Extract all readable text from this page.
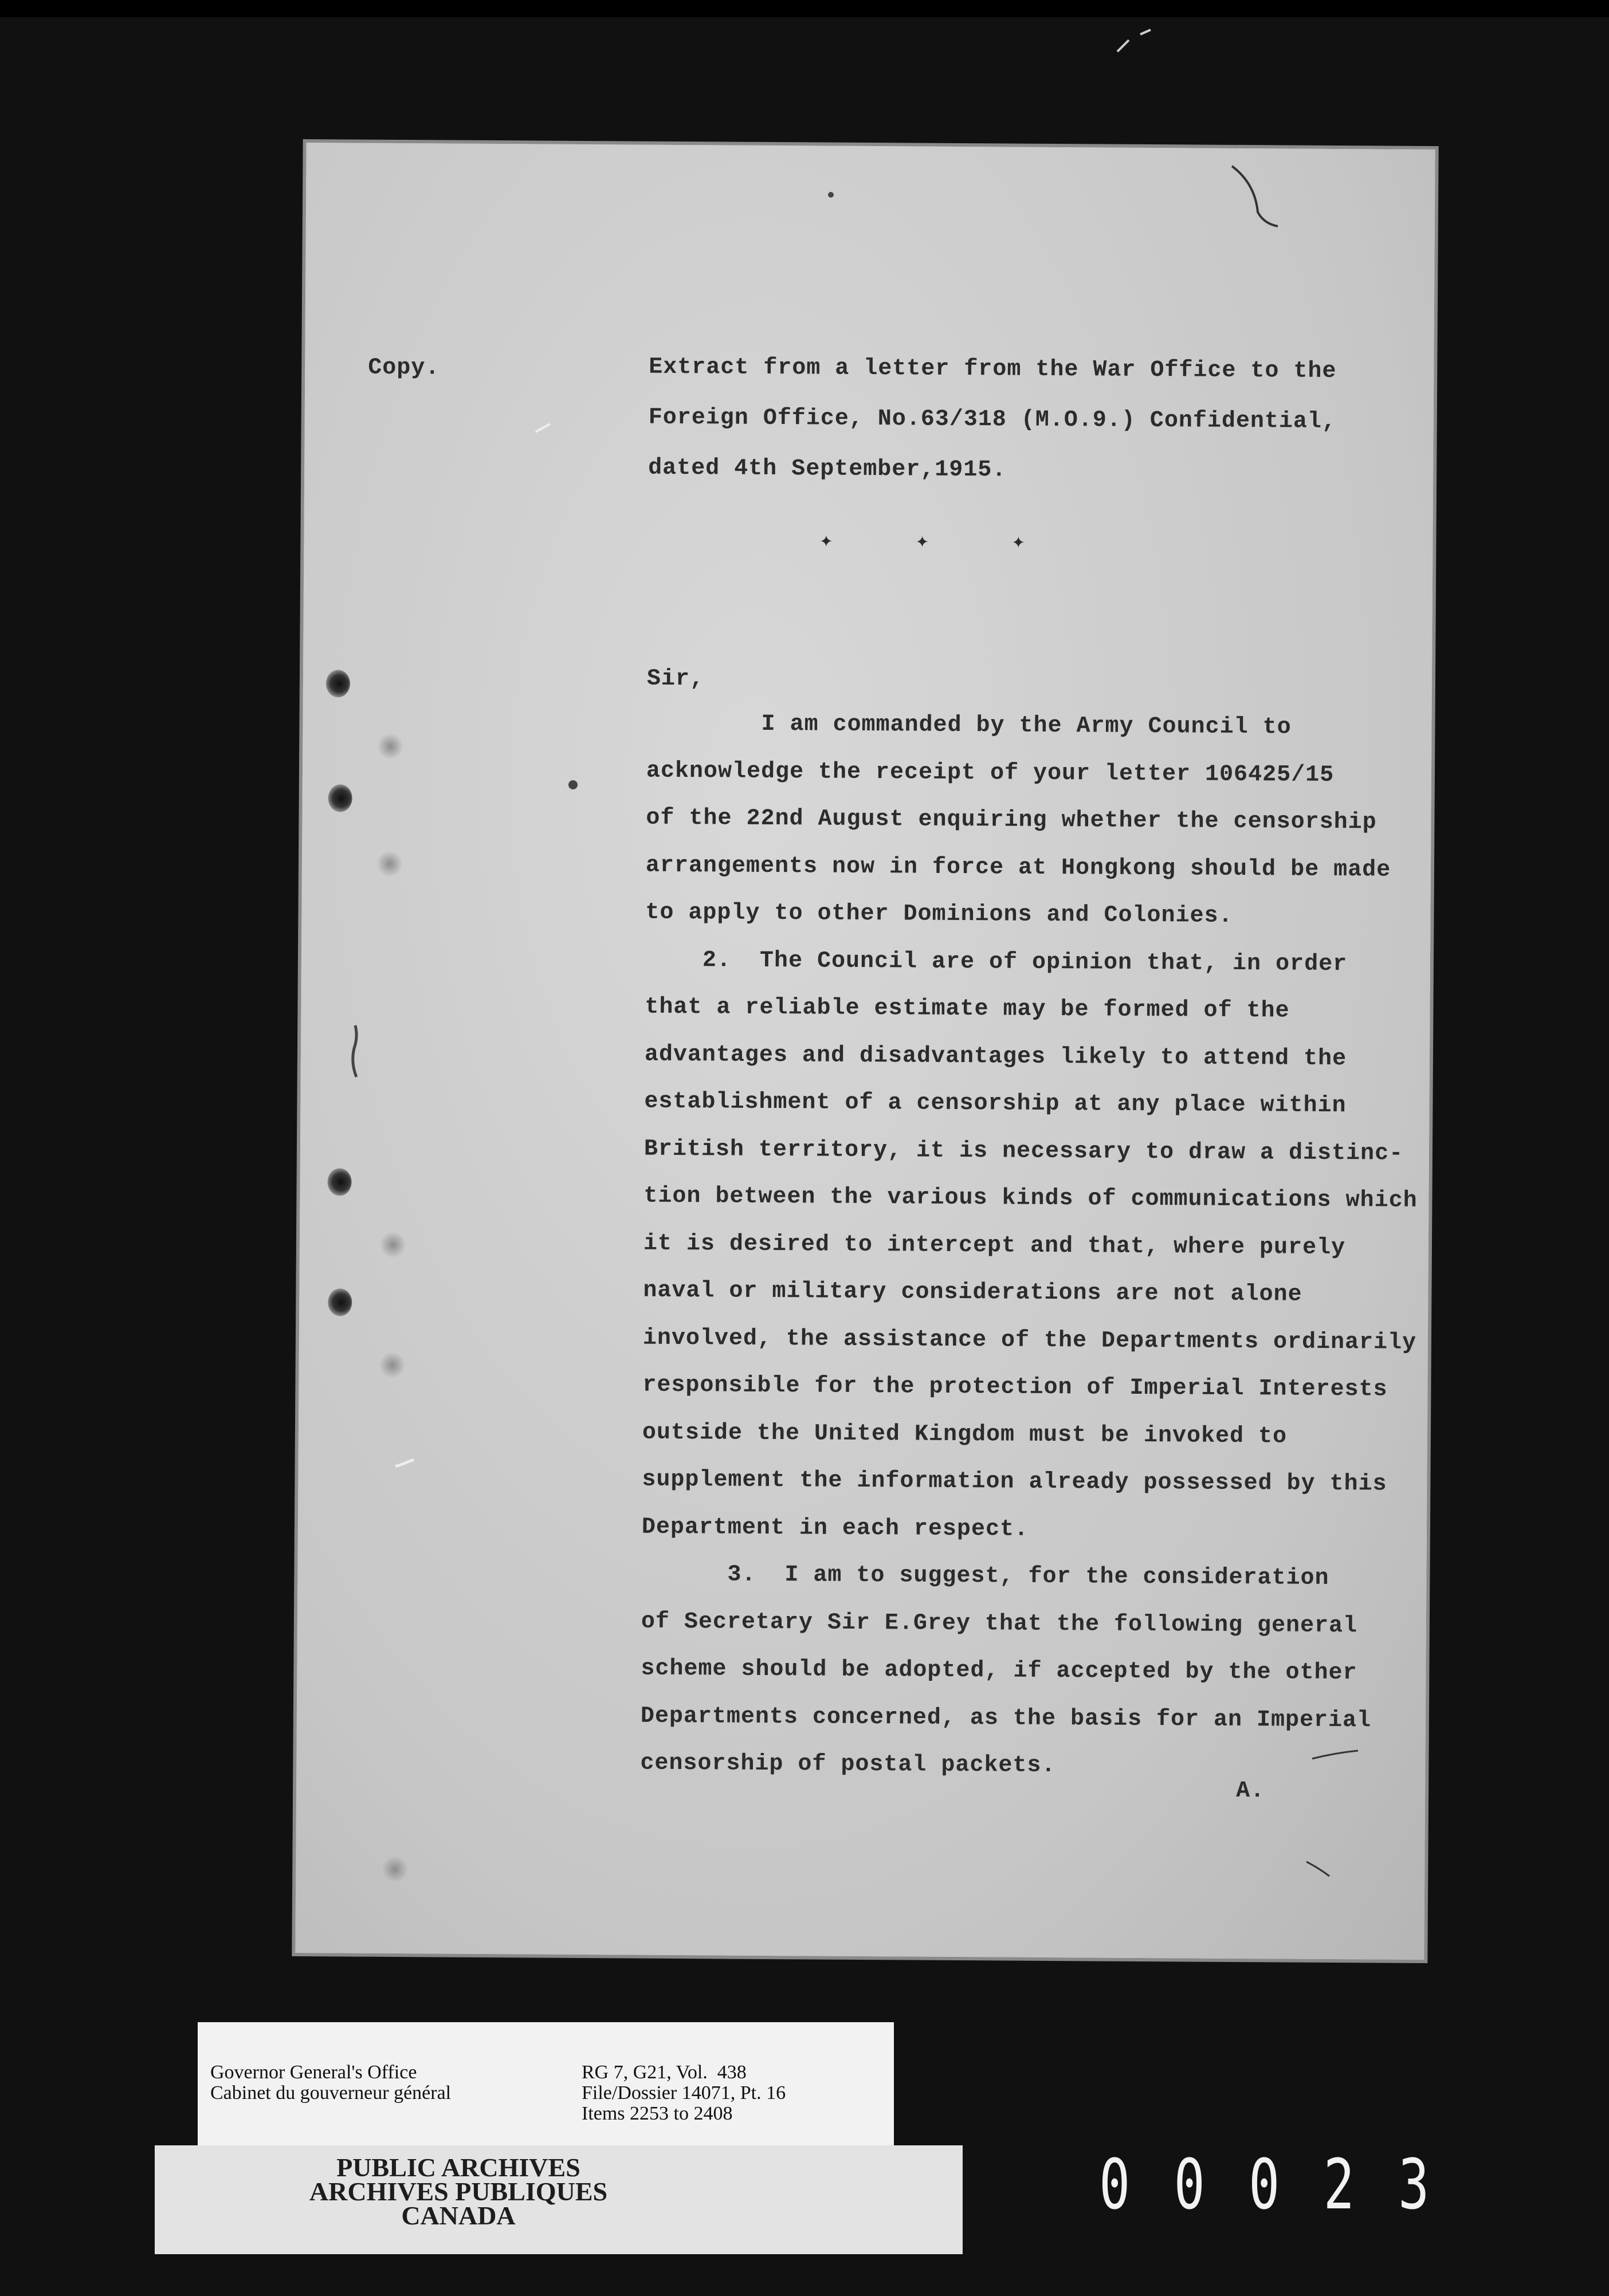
Copy.	Extract from a letter from the War Office to the
Foreign Office, No.63/318 (M.O.9.) Confidential,
dated 4th September,1915.
✦ ✦ ✦
Sir,
I am commanded by the Army Council to
acknowledge the receipt of your letter 106425/15
of the 22nd August enquiring whether the censorship
arrangements now in force at Hongkong should be made
to apply to other Dominions and Colonies.
2.  The Council are of opinion that, in order
that a reliable estimate may be formed of the
advantages and disadvantages likely to attend the
establishment of a censorship at any place within
British territory, it is necessary to draw a distinc-
tion between the various kinds of communications which
it is desired to intercept and that, where purely
naval or military considerations are not alone
involved, the assistance of the Departments ordinarily
responsible for the protection of Imperial Interests
outside the United Kingdom must be invoked to
supplement the information already possessed by this
Department in each respect.
3.  I am to suggest, for the consideration
of Secretary Sir E.Grey that the following general
scheme should be adopted, if accepted by the other
Departments concerned, as the basis for an Imperial
censorship of postal packets.
A.
Governor General's Office
Cabinet du gouverneur général
RG 7, G21, Vol.  438
File/Dossier 14071, Pt. 16
Items 2253 to 2408
PUBLIC ARCHIVES
ARCHIVES PUBLIQUES
CANADA	0 0 0 2 3
